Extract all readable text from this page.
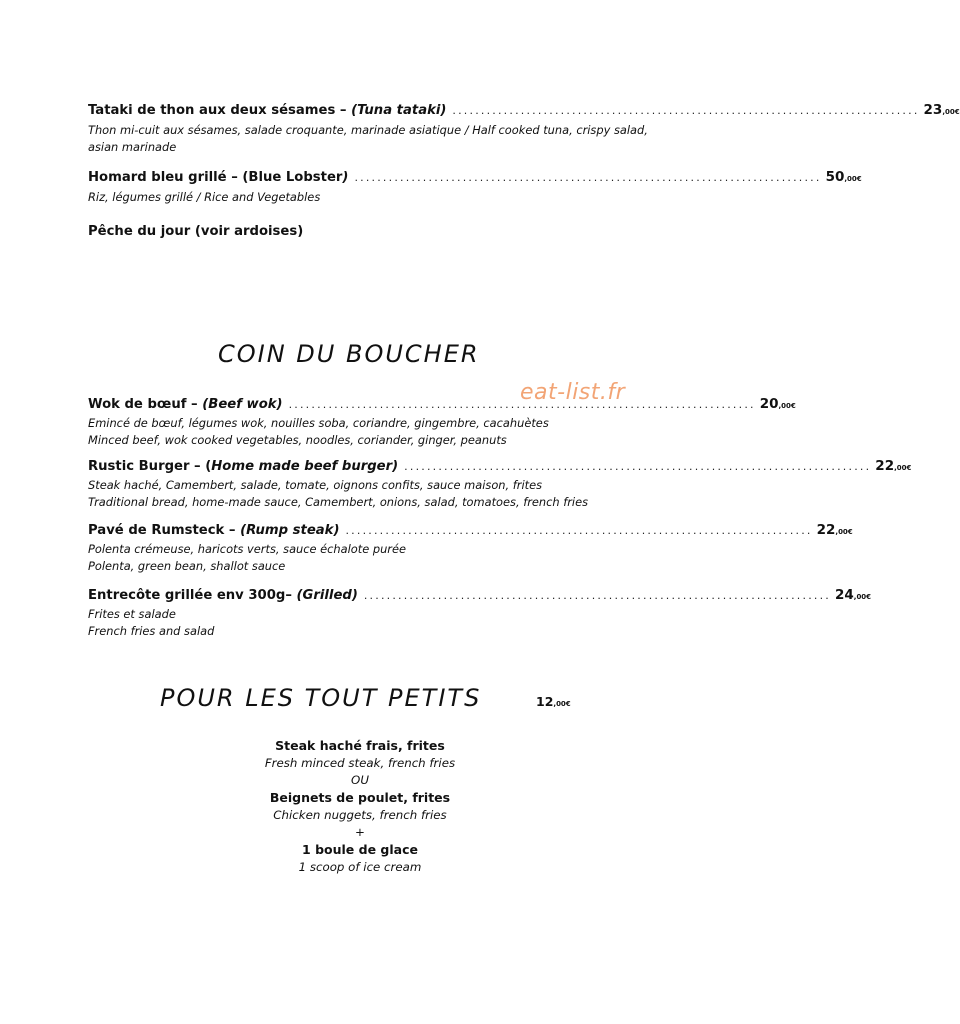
Tataki de thon aux deux sésames – (Tuna tataki) .................................................................................. 23,00€
Thon mi-cuit aux sésames, salade croquante, marinade asiatique / Half cooked tuna, crispy salad, asian marinade
Homard bleu grillé – (Blue Lobster) .................................................................................. 50,00€
Riz, légumes grillé / Rice and Vegetables
Pêche du jour (voir ardoises)
COIN DU BOUCHER
eat-list.fr
Wok de bœuf – (Beef wok) .................................................................................. 20,00€
Emincé de bœuf, légumes wok, nouilles soba, coriandre, gingembre, cacahuètes
Minced beef, wok cooked vegetables, noodles, coriander, ginger, peanuts
Rustic Burger – (Home made beef burger) .................................................................................. 22,00€
Steak haché, Camembert, salade, tomate, oignons confits, sauce maison, frites
Traditional bread, home-made sauce, Camembert, onions, salad, tomatoes, french fries
Pavé de Rumsteck – (Rump steak) .................................................................................. 22,00€
Polenta crémeuse, haricots verts, sauce échalote purée
Polenta, green bean, shallot sauce
Entrecôte grillée env 300g– (Grilled) .................................................................................. 24,00€
Frites et salade
French fries and salad
POUR LES TOUT PETITS	12,00€
Steak haché frais, frites
Fresh minced steak, french fries
OU
Beignets de poulet, frites
Chicken nuggets, french fries
+
1 boule de glace
1 scoop of ice cream
